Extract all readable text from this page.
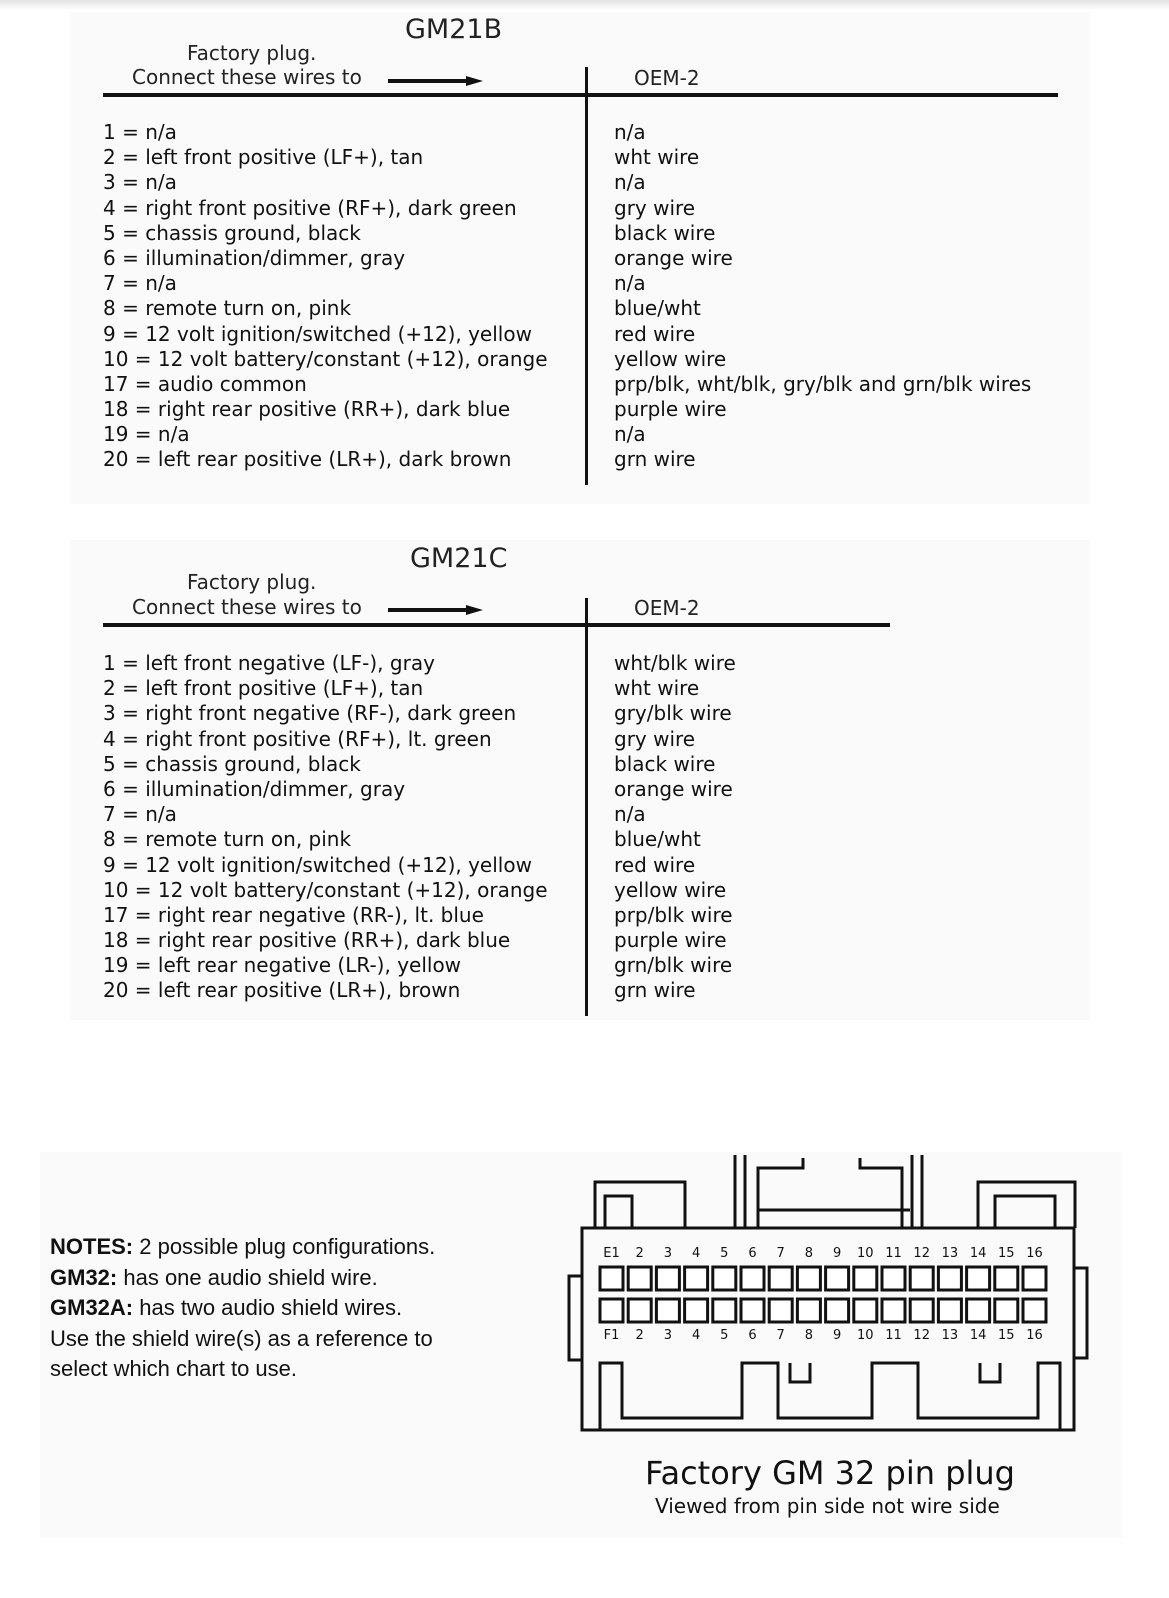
GM21B
Factory plug.
Connect these wires to	OEM-2
1 = n/a
2 = left front positive (LF+), tan
3 = n/a
4 = right front positive (RF+), dark green
5 = chassis ground, black
6 = illumination/dimmer, gray
7 = n/a
8 = remote turn on, pink
9 = 12 volt ignition/switched (+12), yellow
10 = 12 volt battery/constant (+12), orange
17 = audio common
18 = right rear positive (RR+), dark blue
19 = n/a
20 = left rear positive (LR+), dark brown
n/a
wht wire
n/a
gry wire
black wire
orange wire
n/a
blue/wht
red wire
yellow wire
prp/blk, wht/blk, gry/blk and grn/blk wires
purple wire
n/a
grn wire
GM21C
Factory plug.
Connect these wires to	OEM-2
1 = left front negative (LF-), gray
2 = left front positive (LF+), tan
3 = right front negative (RF-), dark green
4 = right front positive (RF+), lt. green
5 = chassis ground, black
6 = illumination/dimmer, gray
7 = n/a
8 = remote turn on, pink
9 = 12 volt ignition/switched (+12), yellow
10 = 12 volt battery/constant (+12), orange
17 = right rear negative (RR-), lt. blue
18 = right rear positive (RR+), dark blue
19 = left rear negative (LR-), yellow
20 = left rear positive (LR+), brown
wht/blk wire
wht wire
gry/blk wire
gry wire
black wire
orange wire
n/a
blue/wht
red wire
yellow wire
prp/blk wire
purple wire
grn/blk wire
grn wire
NOTES: 2 possible plug configurations.
GM32: has one audio shield wire.
GM32A: has two audio shield wires.
Use the shield wire(s) as a reference to
select which chart to use.
E1 2 3 4 5 6 7 8 9 10 11 12 13 14 15 16
F1 2 3 4 5 6 7 8 9 10 11 12 13 14 15 16
Factory GM 32 pin plug
Viewed from pin side not wire side
